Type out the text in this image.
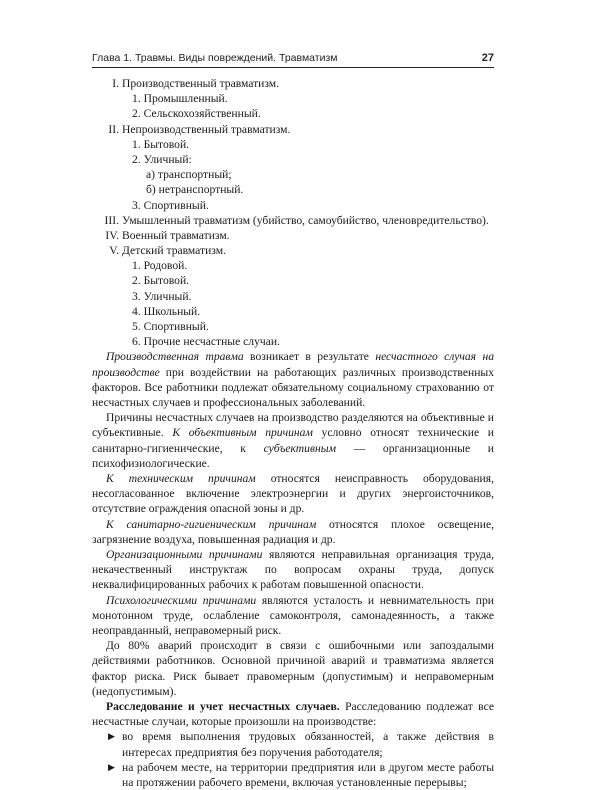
Глава 1. Травмы. Виды повреждений. Травматизм	27
I. Производственный травматизм.
1. Промышленный.
2. Сельскохозяйственный.
II. Непроизводственный травматизм.
1. Бытовой.
2. Уличный:
а) транспортный;
б) нетранспортный.
3. Спортивный.
III. Умышленный травматизм (убийство, самоубийство, членовредительство).
IV. Военный травматизм.
V. Детский травматизм.
1. Родовой.
2. Бытовой.
3. Уличный.
4. Школьный.
5. Спортивный.
6. Прочие несчастные случаи.

Производственная травма возникает в результате несчастного случая на производстве при воздействии на работающих различных производственных факторов. Все работники подлежат обязательному социальному страхованию от несчастных случаев и профессиональных заболеваний.

Причины несчастных случаев на производство разделяются на объективные и субъективные. К объективным причинам условно относят технические и санитарно-гигиенические, к субъективным — организационные и психофизиологические.

К техническим причинам относятся неисправность оборудования, несогласованное включение электроэнергии и других энергоисточников, отсутствие ограждения опасной зоны и др.

К санитарно-гигиеническим причинам относятся плохое освещение, загрязнение воздуха, повышенная радиация и др.

Организационными причинами являются неправильная организация труда, некачественный инструктаж по вопросам охраны труда, допуск неквалифицированных рабочих к работам повышенной опасности.

Психологическими причинами являются усталость и невнимательность при монотонном труде, ослабление самоконтроля, самонадеянность, а также неоправданный, неправомерный риск.

До 80% аварий происходит в связи с ошибочными или запоздалыми действиями работников. Основной причиной аварий и травматизма является фактор риска. Риск бывает правомерным (допустимым) и неправомерным (недопустимым).

Расследование и учет несчастных случаев. Расследованию подлежат все несчастные случаи, которые произошли на производстве:

▶ во время выполнения трудовых обязанностей, а также действия в интересах предприятия без поручения работодателя;
▶ на рабочем месте, на территории предприятия или в другом месте работы на протяжении рабочего времени, включая установленные перерывы;
